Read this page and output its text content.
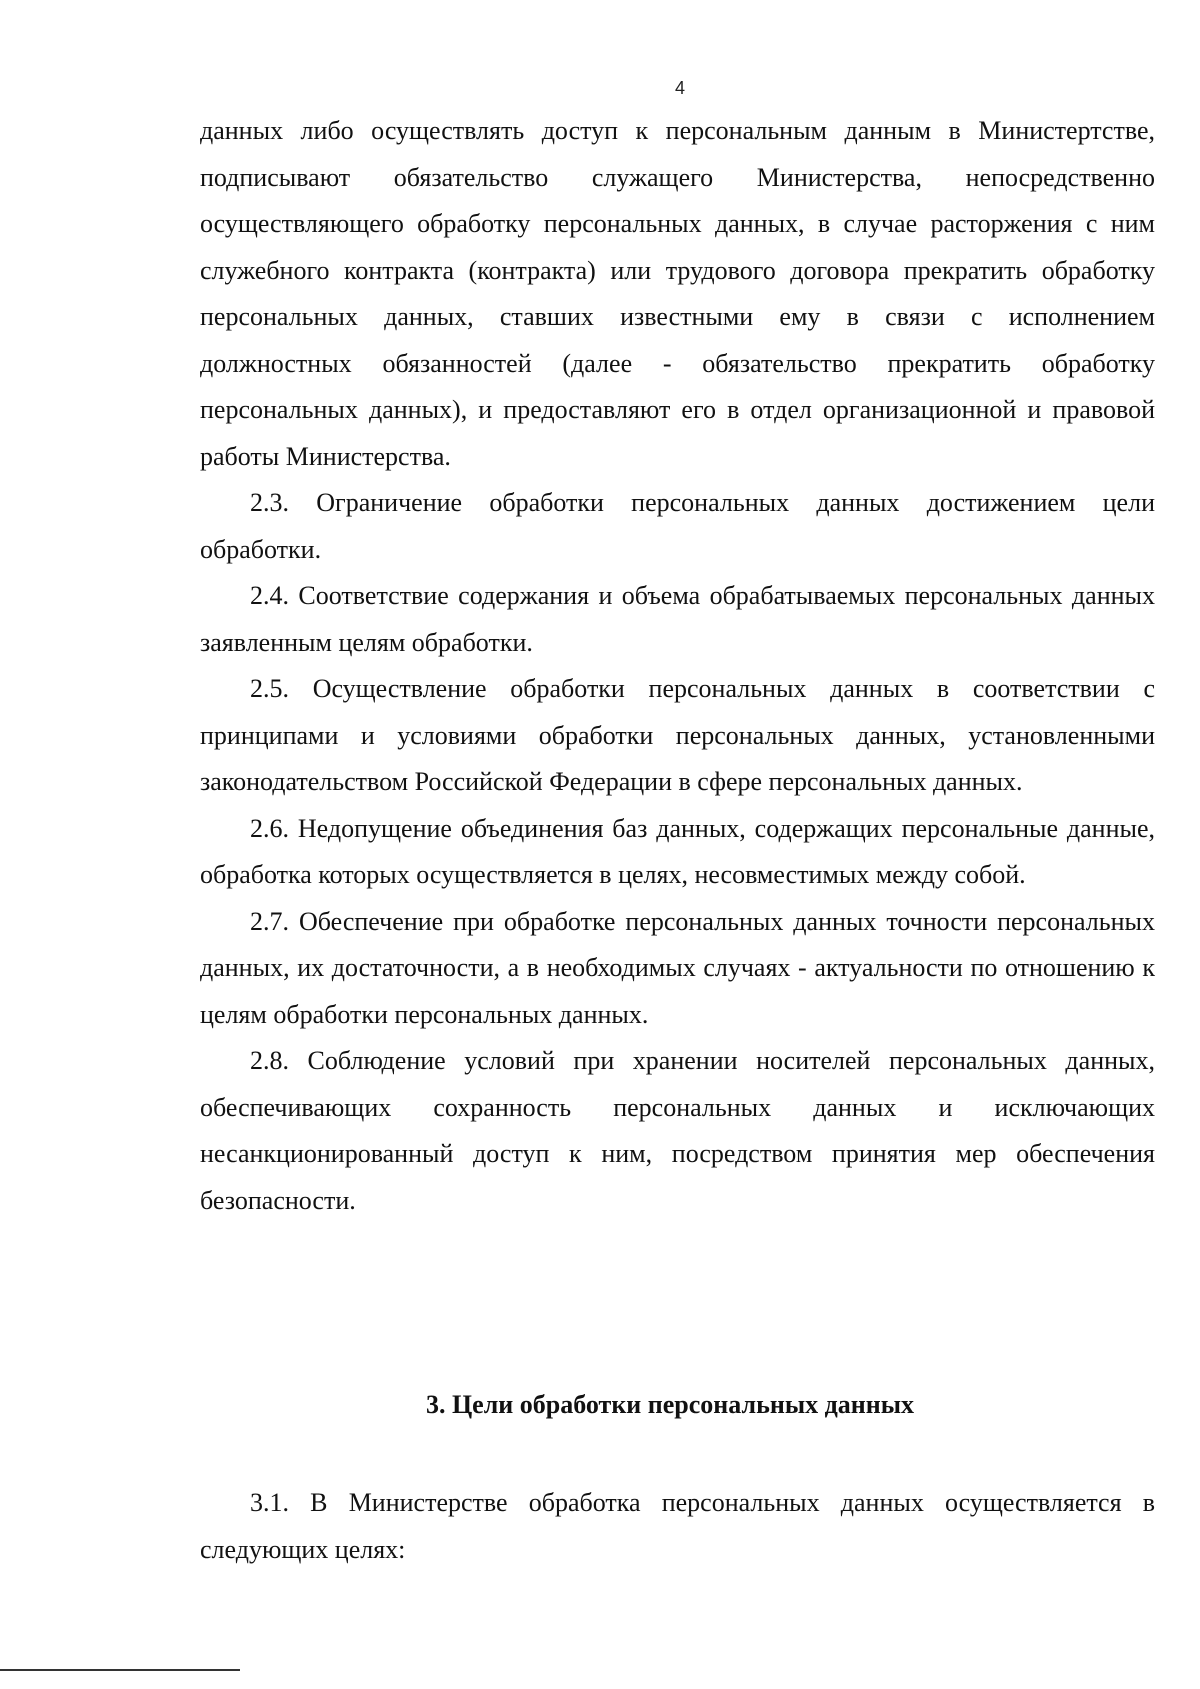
4

данных либо осуществлять доступ к персональным данным в Министертстве, подписывают обязательство служащего Министерства, непосредственно осуществляющего обработку персональных данных, в случае расторжения с ним служебного контракта (контракта) или трудового договора прекратить обработку персональных данных, ставших известными ему в связи с исполнением должностных обязанностей (далее - обязательство прекратить обработку персональных данных), и предоставляют его в отдел организационной и правовой работы Министерства.

2.3. Ограничение обработки персональных данных достижением цели обработки.

2.4. Соответствие содержания и объема обрабатываемых персональных данных заявленным целям обработки.

2.5. Осуществление обработки персональных данных в соответствии с принципами и условиями обработки персональных данных, установленными законодательством Российской Федерации в сфере персональных данных.

2.6. Недопущение объединения баз данных, содержащих персональные данные, обработка которых осуществляется в целях, несовместимых между собой.

2.7. Обеспечение при обработке персональных данных точности персональных данных, их достаточности, а в необходимых случаях - актуальности по отношению к целям обработки персональных данных.

2.8. Соблюдение условий при хранении носителей персональных данных, обеспечивающих сохранность персональных данных и исключающих несанкционированный доступ к ним, посредством принятия мер обеспечения безопасности.

3. Цели обработки персональных данных

3.1. В Министерстве обработка персональных данных осуществляется в следующих целях:
